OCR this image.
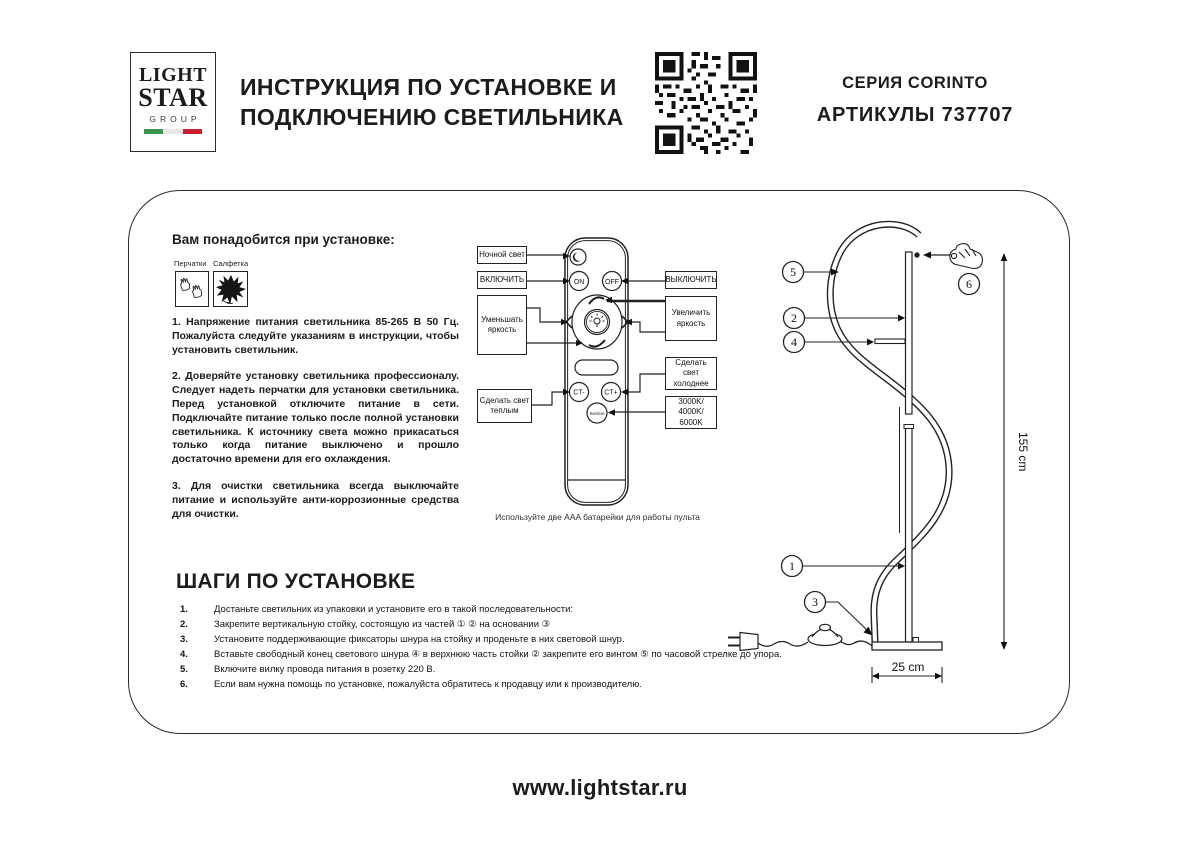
LIGHT
STAR
GROUP
ИНСТРУКЦИЯ ПО УСТАНОВКЕ И
ПОДКЛЮЧЕНИЮ СВЕТИЛЬНИКА
СЕРИЯ CORINTO
АРТИКУЛЫ 737707
Вам понадобится при установке:
Перчатки Салфетка

1. Напряжение питания светильника 85-265 В 50 Гц. Пожалуйста следуйте указаниям в инструкции, чтобы установить светильник.

2. Доверяйте установку светильника профессионалу. Следует надеть перчатки для установки светильника. Перед установкой отключите питание в сети. Подключайте питание только после полной установки светильника. К источнику света можно прикасаться только когда питание выключено и прошло достаточно времени для его охлаждения.

3. Для очистки светильника всегда выключайте питание и используйте анти-коррозионные средства для очистки.

ON	OFF
CT-	CT+
Section
Ночной свет
ВКЛЮЧИТЬ	ВЫКЛЮЧИТЬ
Уменьшать яркость
Увеличить яркость
Сделать свет теплым
Сделать свет холоднее
3000K/ 4000K/ 6000K
Используйте две AAA батарейки для работы пульта
5
2
4
6
1
3
155 cm
25 cm
ШАГИ ПО УСТАНОВКЕ
1.	Достаньте светильник из упаковки и установите его в такой последовательности:
2.	Закрепите вертикальную стойку, состоящую из частей ① ② на основании ③
3.	Установите поддерживающие фиксаторы шнура на стойку и проденьте в них световой шнур.
4.	Вставьте свободный конец светового шнура ④ в верхнюю часть стойки ② закрепите его винтом ⑤ по часовой стрелке до упора.
5.	Включите вилку провода питания в розетку 220 В.
6.	Если вам нужна помощь по установке, пожалуйста обратитесь к продавцу или к производителю.
www.lightstar.ru
